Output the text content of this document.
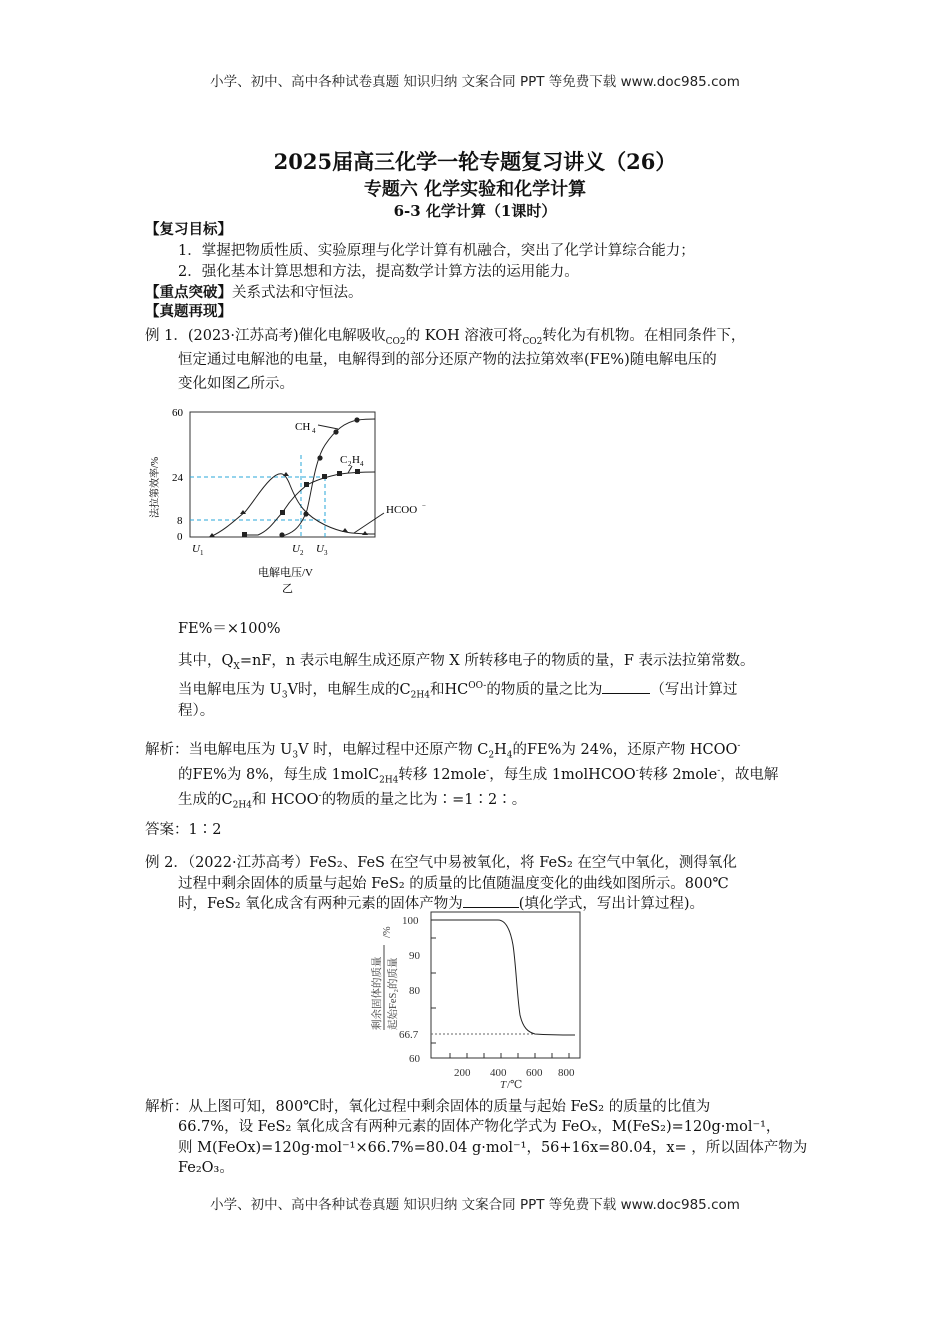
小学、初中、高中各种试卷真题 知识归纳 文案合同 PPT 等免费下载 www.doc985.com
2025届高三化学一轮专题复习讲义（26）
专题六 化学实验和化学计算
6-3 化学计算（1课时）
【复习目标】
1．掌握把物质性质、实验原理与化学计算有机融合，突出了化学计算综合能力；
2．强化基本计算思想和方法，提高数学计算方法的运用能力。
【重点突破】关系式法和守恒法。
【真题再现】
例 1．(2023·江苏高考)催化电解吸收$_{CO2}$的 KOH 溶液可将$_{CO2}$转化为有机物。在相同条件下，
恒定通过电解池的电量，电解得到的部分还原产物的法拉第效率(FE%)随电解电压的
变化如图乙所示。
60
24
8
0
U 1	U 2 U 3
电解电压/V
乙
法拉第效率/%
CH 4
C 2 H 4
HCOO −
FE%＝×100%
其中，$Q_X=nF$，n 表示电解生成还原产物 X 所转移电子的物质的量，F 表示法拉第常数。
当电解电压为 $U_3V$时，电解生成的$C_{2H4}$和$HC^{OO-}$的物质的量之比为	（写出计算过
程）。
解析：当电解电压为 $U_3V$ 时，电解过程中还原产物 $C_2H_4$的FE%为 24%，还原产物 HCOO-
的FE%为 8%，每生成 1molC$_{2H4}$转移 12mole-，每生成 1molHCOO-转移 2mole-，故电解
生成的$C_{2H4}$和 HCOO-的物质的量之比为∶=1∶2∶。
答案：1∶2
例 2．（2022·江苏高考）FeS₂、FeS 在空气中易被氧化，将 FeS₂ 在空气中氧化，测得氧化
过程中剩余固体的质量与起始 FeS₂ 的质量的比值随温度变化的曲线如图所示。800℃
时，FeS₂ 氧化成含有两种元素的固体产物为	(填化学式，写出计算过程)。
100
90
80
66.7
60
200 400 600 800
T /℃
剩余固体的质量 起始FeS₂的质量
/%
解析：从上图可知，800℃时，氧化过程中剩余固体的质量与起始 FeS₂ 的质量的比值为
66.7%，设 FeS₂ 氧化成含有两种元素的固体产物化学式为 FeOₓ，M(FeS₂)=120g·mol⁻¹，
则 M(FeOx)=120g·mol⁻¹×66.7%=80.04 g·mol⁻¹，56+16x=80.04，x= ，所以固体产物为
Fe₂O₃。
小学、初中、高中各种试卷真题 知识归纳 文案合同 PPT 等免费下载 www.doc985.com
